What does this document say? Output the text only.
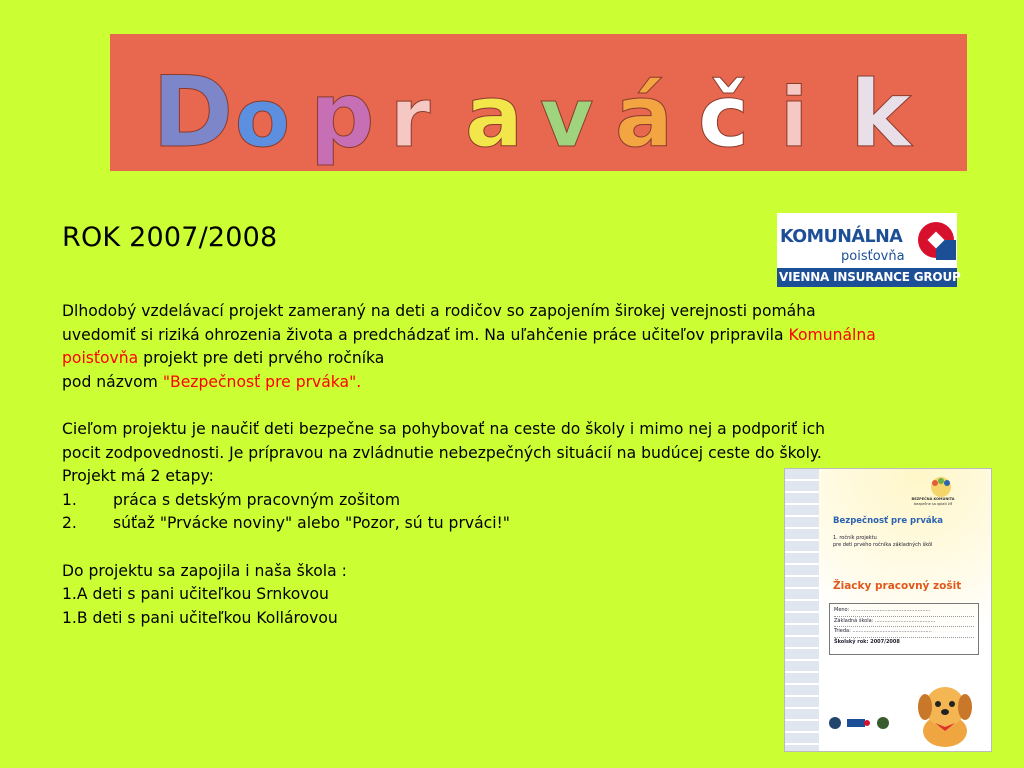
D o p r a v á č i k
ROK 2007/2008	KOMUNÁLNA
poisťovňa
VIENNA INSURANCE GROUP

Dlhodobý vzdelávací projekt zameraný na deti a rodičov so zapojením širokej verejnosti pomáha uvedomiť si riziká ohrozenia života a predchádzať im. Na uľahčenie práce učiteľov pripravila Komunálna poisťovňa projekt pre deti prvého ročníka

pod názvom "Bezpečnosť pre prváka".

Cieľom projektu je naučiť deti bezpečne sa pohybovať na ceste do školy i mimo nej a podporiť ich pocit zodpovednosti. Je prípravou na zvládnutie nebezpečných situácií na budúcej ceste do školy.

Projekt má 2 etapy:

1.	práca s detským pracovným zošitom
2.	súťaž "Prvácke noviny" alebo "Pozor, sú tu prváci!"

Do projektu sa zapojila i naša škola :

1.A deti s pani učiteľkou Srnkovou

1.B deti s pani učiteľkou Kollárovou

BEZPEČNÁ KOMUNITA
bezpečne sa oplatí žiť
Bezpečnosť pre prváka
1. ročník projektu
pre deti prvého ročníka základných škôl
Žiacky pracovný zošit
Meno: ..................................................
Základná škola: ......................................
Trieda: ..................................................
Školský rok: 2007/2008
